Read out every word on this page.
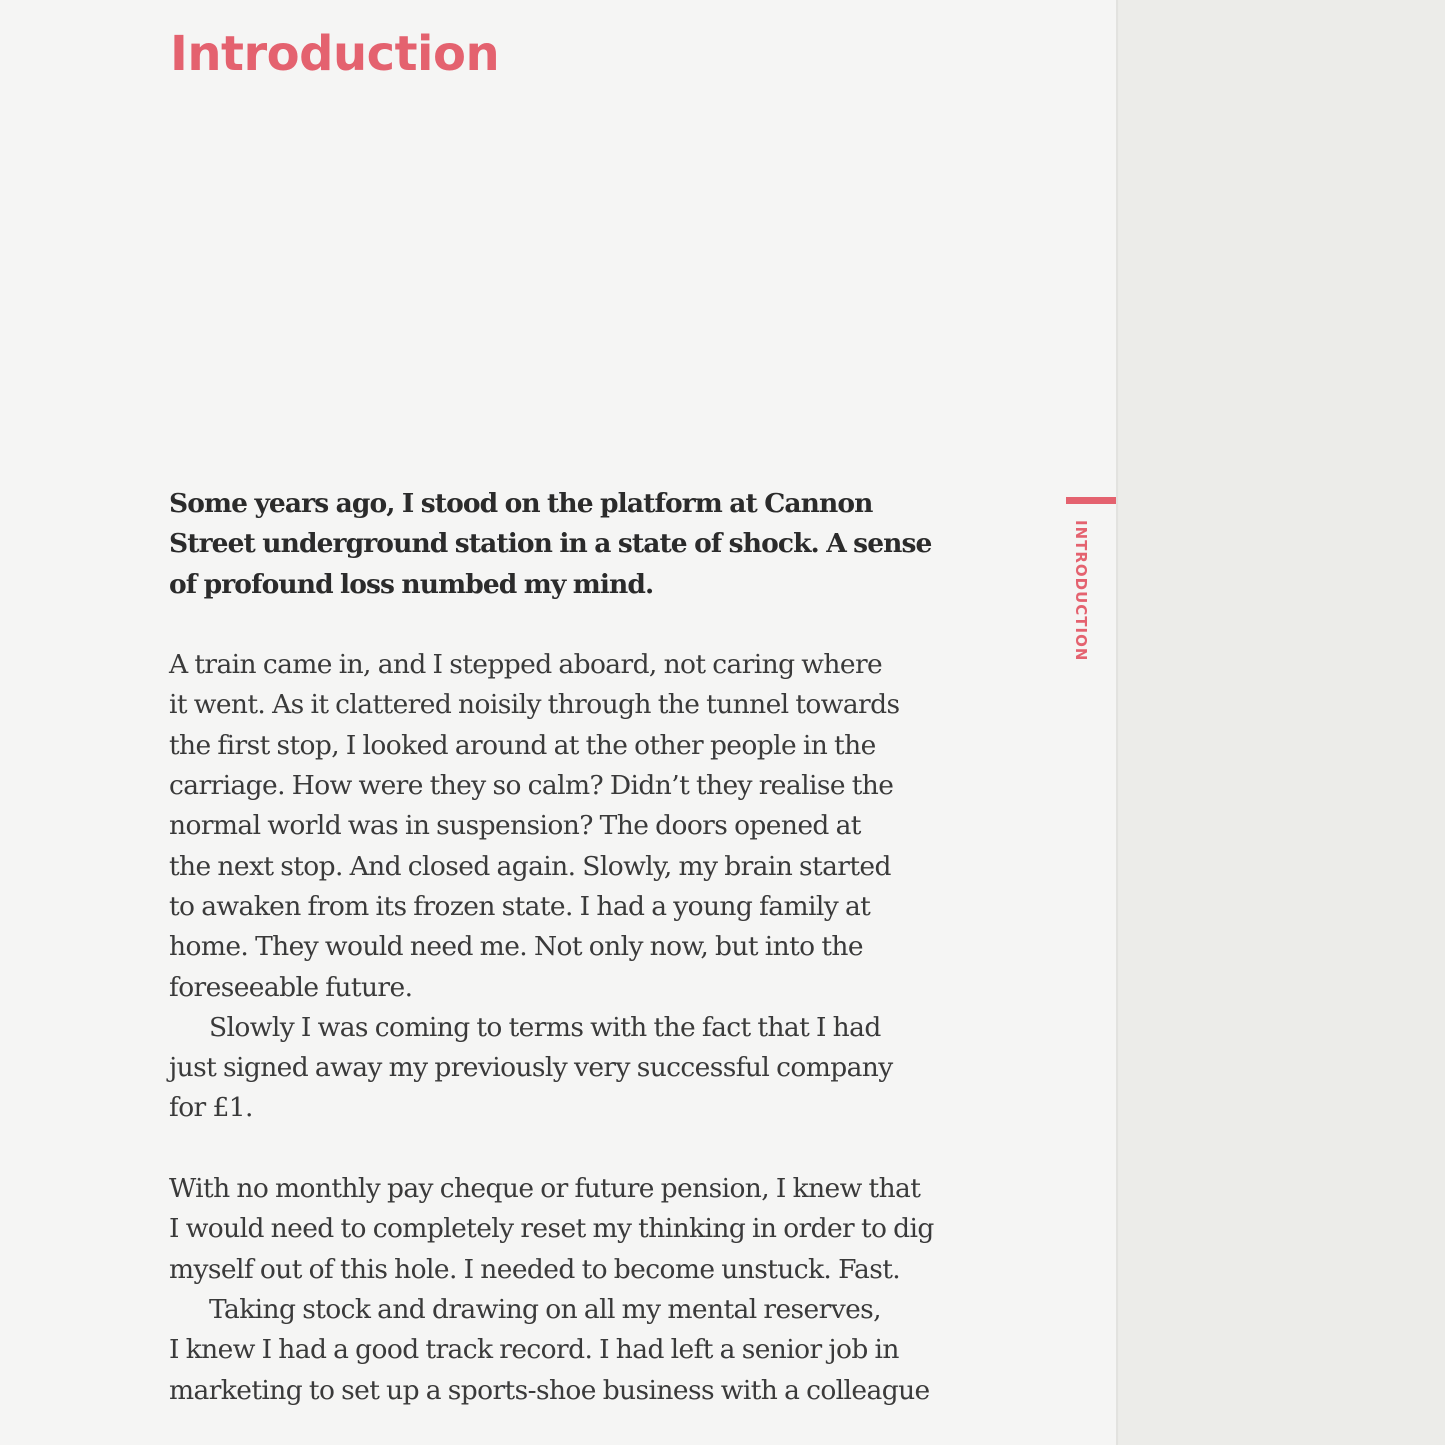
Introduction

Some years ago, I stood on the platform at Cannon
Street underground station in a state of shock. A sense
of profound loss numbed my mind.

A train came in, and I stepped aboard, not caring where
it went. As it clattered noisily through the tunnel towards
the first stop, I looked around at the other people in the
carriage. How were they so calm? Didn’t they realise the
normal world was in suspension? The doors opened at
the next stop. And closed again. Slowly, my brain started
to awaken from its frozen state. I had a young family at
home. They would need me. Not only now, but into the
foreseeable future.

Slowly I was coming to terms with the fact that I had
just signed away my previously very successful company
for £1.

With no monthly pay cheque or future pension, I knew that
I would need to completely reset my thinking in order to dig
myself out of this hole. I needed to become unstuck. Fast.

Taking stock and drawing on all my mental reserves,
I knew I had a good track record. I had left a senior job in
marketing to set up a sports-shoe business with a colleague

INTRODUCTION
